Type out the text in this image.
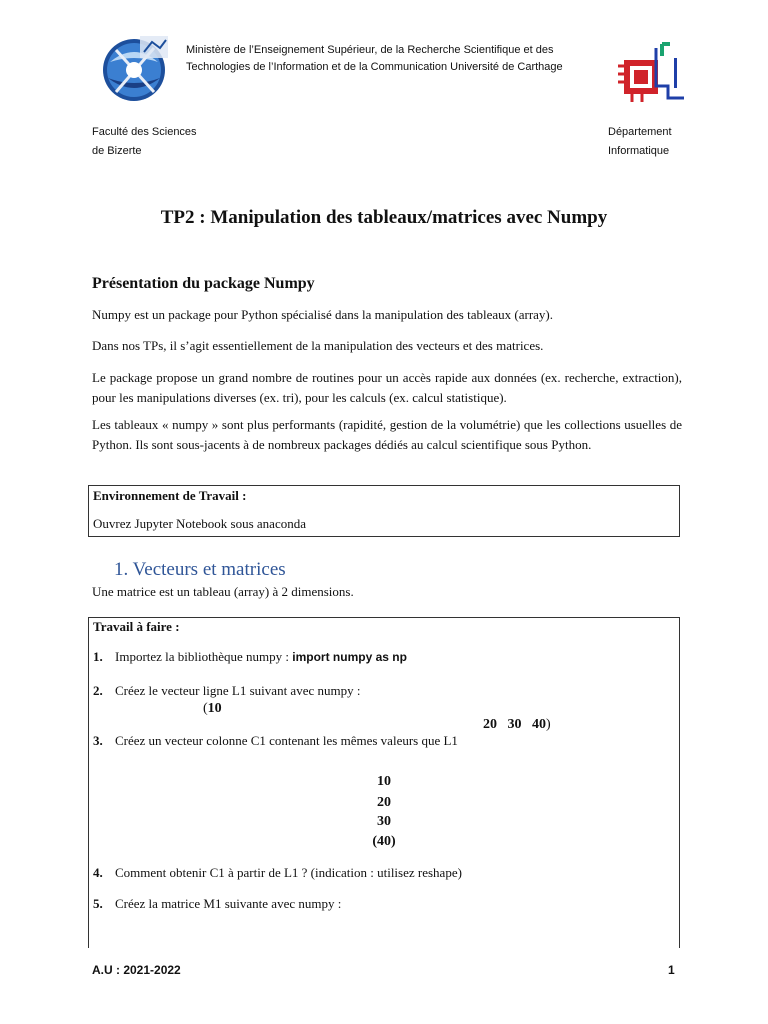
Ministère de l’Enseignement Supérieur, de la Recherche Scientifique et des
Technologies de l’Information et de la Communication Université de Carthage
Faculté des Sciences
de Bizerte
Département
Informatique
TP2 : Manipulation des tableaux/matrices avec Numpy
Présentation du package Numpy
Numpy est un package pour Python spécialisé dans la manipulation des tableaux (array).
Dans nos TPs, il s’agit essentiellement de la manipulation des vecteurs et des matrices.
Le package propose un grand nombre de routines pour un accès rapide aux données (ex. recherche, extraction), pour les manipulations diverses (ex. tri), pour les calculs (ex. calcul statistique).
Les tableaux « numpy » sont plus performants (rapidité, gestion de la volumétrie) que les collections usuelles de Python. Ils sont sous-jacents à de nombreux packages dédiés au calcul scientifique sous Python.
Environnement de Travail :
Ouvrez Jupyter Notebook sous anaconda
1. Vecteurs et matrices
Une matrice est un tableau (array) à 2 dimensions.
Travail à faire :
1. Importez la bibliothèque numpy : import numpy as np
2. Créez le vecteur ligne L1 suivant avec numpy :
(10

20   30   40)

3. Créez un vecteur colonne C1 contenant les mêmes valeurs que L1
10
20
30
(40)
4. Comment obtenir C1 à partir de L1 ? (indication : utilisez reshape)
5. Créez la matrice M1 suivante avec numpy :
A.U : 2021-2022	1
